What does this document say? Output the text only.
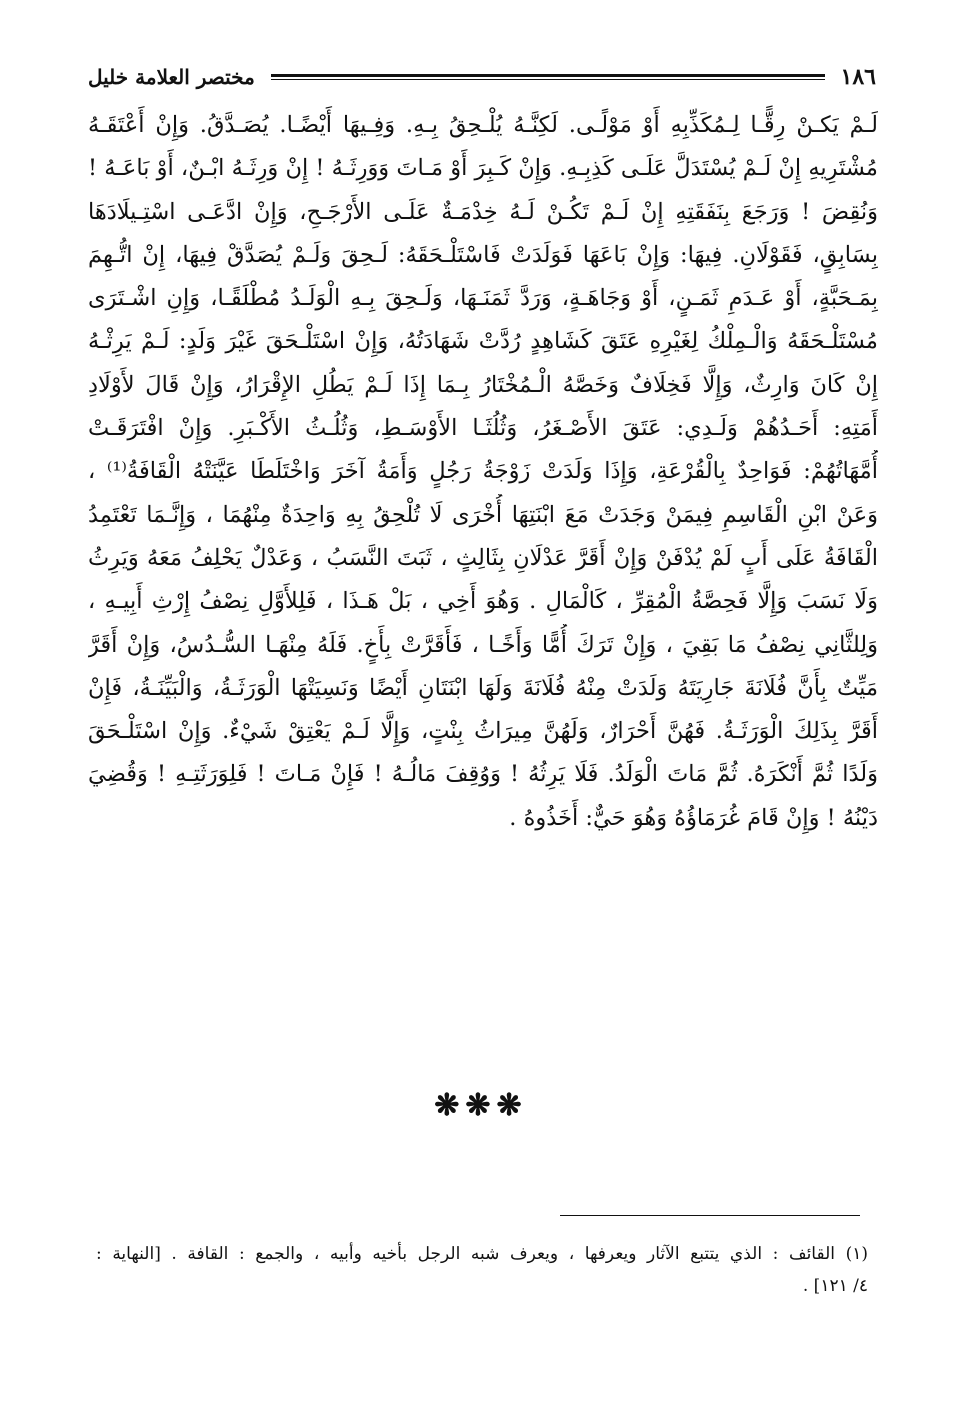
١٨٦
مختصر العلامة خليل
لَـمْ يَكـنْ رِقًّـا لِـمُكَذِّبِهِ أَوْ مَوْلًـى. لَكِنَّـهُ يُلْـحِقُ بِـهِ. وَفِـيهَا أَيْضًـا. يُصَـدَّقُ. وَإِنْ أَعْتَقَـهُ
مُشْتَرِيهِ إِنْ لَـمْ يُسْتَدَلَّ عَلَـى كَذِبِـهِ. وَإِنْ كَـبِرَ أَوْ مَـاتَ وَوَرِثَـهُ ! إِنْ وَرِثَـهُ ابْـنٌ، أَوْ بَاعَـهُ !
وَنُقِضَ ! وَرَجَعَ بِنَفَقَتِهِ إِنْ لَـمْ تَكُـنْ لَـهُ خِدْمَـةٌ عَلَـى الأَرْجَـحِ، وَإِنْ ادَّعَـى اسْتِـيلَادَهَا
بِسَابِقٍ، فَقَوْلَانِ. فِيهَا: وَإِنْ بَاعَهَا فَوَلَدَتْ فَاسْتَلْـحَقَهُ: لَـحِقَ وَلَـمْ يُصَدَّقْ فِيهَا، إِنْ اتُّـهِمَ
بِمَـحَبَّةٍ، أَوْ عَـدَمِ ثَمَـنٍ، أَوْ وَجَاهَـةٍ، وَرَدَّ ثَمَنَـهَا، وَلَـحِقَ بِـهِ الْوَلَـدُ مُطْلَقًـا، وَإِنِ اشْـتَرَى
مُسْتَلْـحَقَهُ وَالْـمِلْكُ لِغَيْرِهِ عَتَقَ كَشَاهِدٍ رُدَّتْ شَهَادَتُهُ، وَإِنْ اسْتَلْـحَقَ غَيْرَ وَلَدٍ: لَـمْ يَرِثْـهُ
إِنْ كَانَ وَارِثٌ، وَإِلَّا فَخِلَافٌ وَخَصَّهُ الْـمُخْتَارُ بِـمَا إِذَا لَـمْ يَطُلِ الإِقْرَارُ، وَإِنْ قَالَ لأَوْلَادِ
أَمَتِهِ: أَحَـدُهُمْ وَلَـدِي: عَتَقَ الأَصْـغَرُ، وَثُلُثَـا الأَوْسَـطِ، وَثُلُـثُ الأَكْـبَرِ. وَإِنْ افْتَرَقَـتْ
أُمَّهَاتُهُمْ: فَوَاحِدٌ بِالْقُرْعَةِ، وَإِذَا وَلَدَتْ زَوْجَةُ رَجُلٍ وَأَمَةُ آخَرَ وَاخْتَلَطَا عَيَّنَتْهُ الْقَافَةُ⁽¹⁾ ،
وَعَنْ ابْنِ الْقَاسِمِ فِيمَنْ وَجَدَتْ مَعَ ابْنَتِهَا أُخْرَى لَا تُلْحِقُ بِهِ وَاحِدَةٌ مِنْهُمَا ، وَإِنَّـمَا تَعْتَمِدُ
الْقَافَةُ عَلَى أَبٍ لَمْ يُدْفَنْ وَإِنْ أَقَرَّ عَدْلَانِ بِثَالِثٍ ، ثَبَتَ النَّسَبُ ، وَعَدْلٌ يَحْلِفُ مَعَهُ وَيَرِثُ
وَلَا نَسَبَ وَإِلَّا فَحِصَّةُ الْمُقِرِّ ، كَالْمَالِ . وَهُوَ أَخِي ، بَلْ هَـذَا ، فَلِلأَوَّلِ نِصْفُ إِرْثِ أَبِيـهِ ،
وَلِلثَّانِي نِصْفُ مَا بَقِيَ ، وَإِنْ تَرَكَ أُمًّا وَأَخًـا ، فَأَقَرَّتْ بِأَخٍ. فَلَهُ مِنْهَـا السُّـدُسُ، وَإِنْ أَقَرَّ
مَيِّتٌ بِأَنَّ فُلَانَةَ جَارِيَتَهُ وَلَدَتْ مِنْهُ فُلَانَةَ وَلَهَا ابْنَتَانِ أَيْضًا وَنَسِيَتْهَا الْوَرَثَـةُ، وَالْبَيِّنَـةُ، فَإِنْ
أَقَرَّ بِذَلِكَ الْوَرَثَـةُ. فَهُنَّ أَحْرَارٌ، وَلَهُنَّ مِيرَاثُ بِنْتٍ، وَإِلَّا لَـمْ يَعْتِقْ شَيْءٌ. وَإِنْ اسْتَلْـحَقَ
وَلَدًا ثُمَّ أَنْكَرَهُ. ثُمَّ مَاتَ الْوَلَدُ. فَلَا يَرِثُهُ ! وَوُقِفَ مَالُـهُ ! فَإِنْ مَـاتَ ! فَلِوَرَثَتِـهِ ! وَقُضِيَ
دَيْنُهُ ! وَإِنْ قَامَ غُرَمَاؤُهُ وَهُوَ حَيٌّ: أَخَذُوهُ .
❋❋❋
(١) القائف : الذي يتتبع الآثار ويعرفها ، ويعرف شبه الرجل بأخيه وأبيه ، والجمع : القافة . [النهاية :
٤/ ١٢١] .
